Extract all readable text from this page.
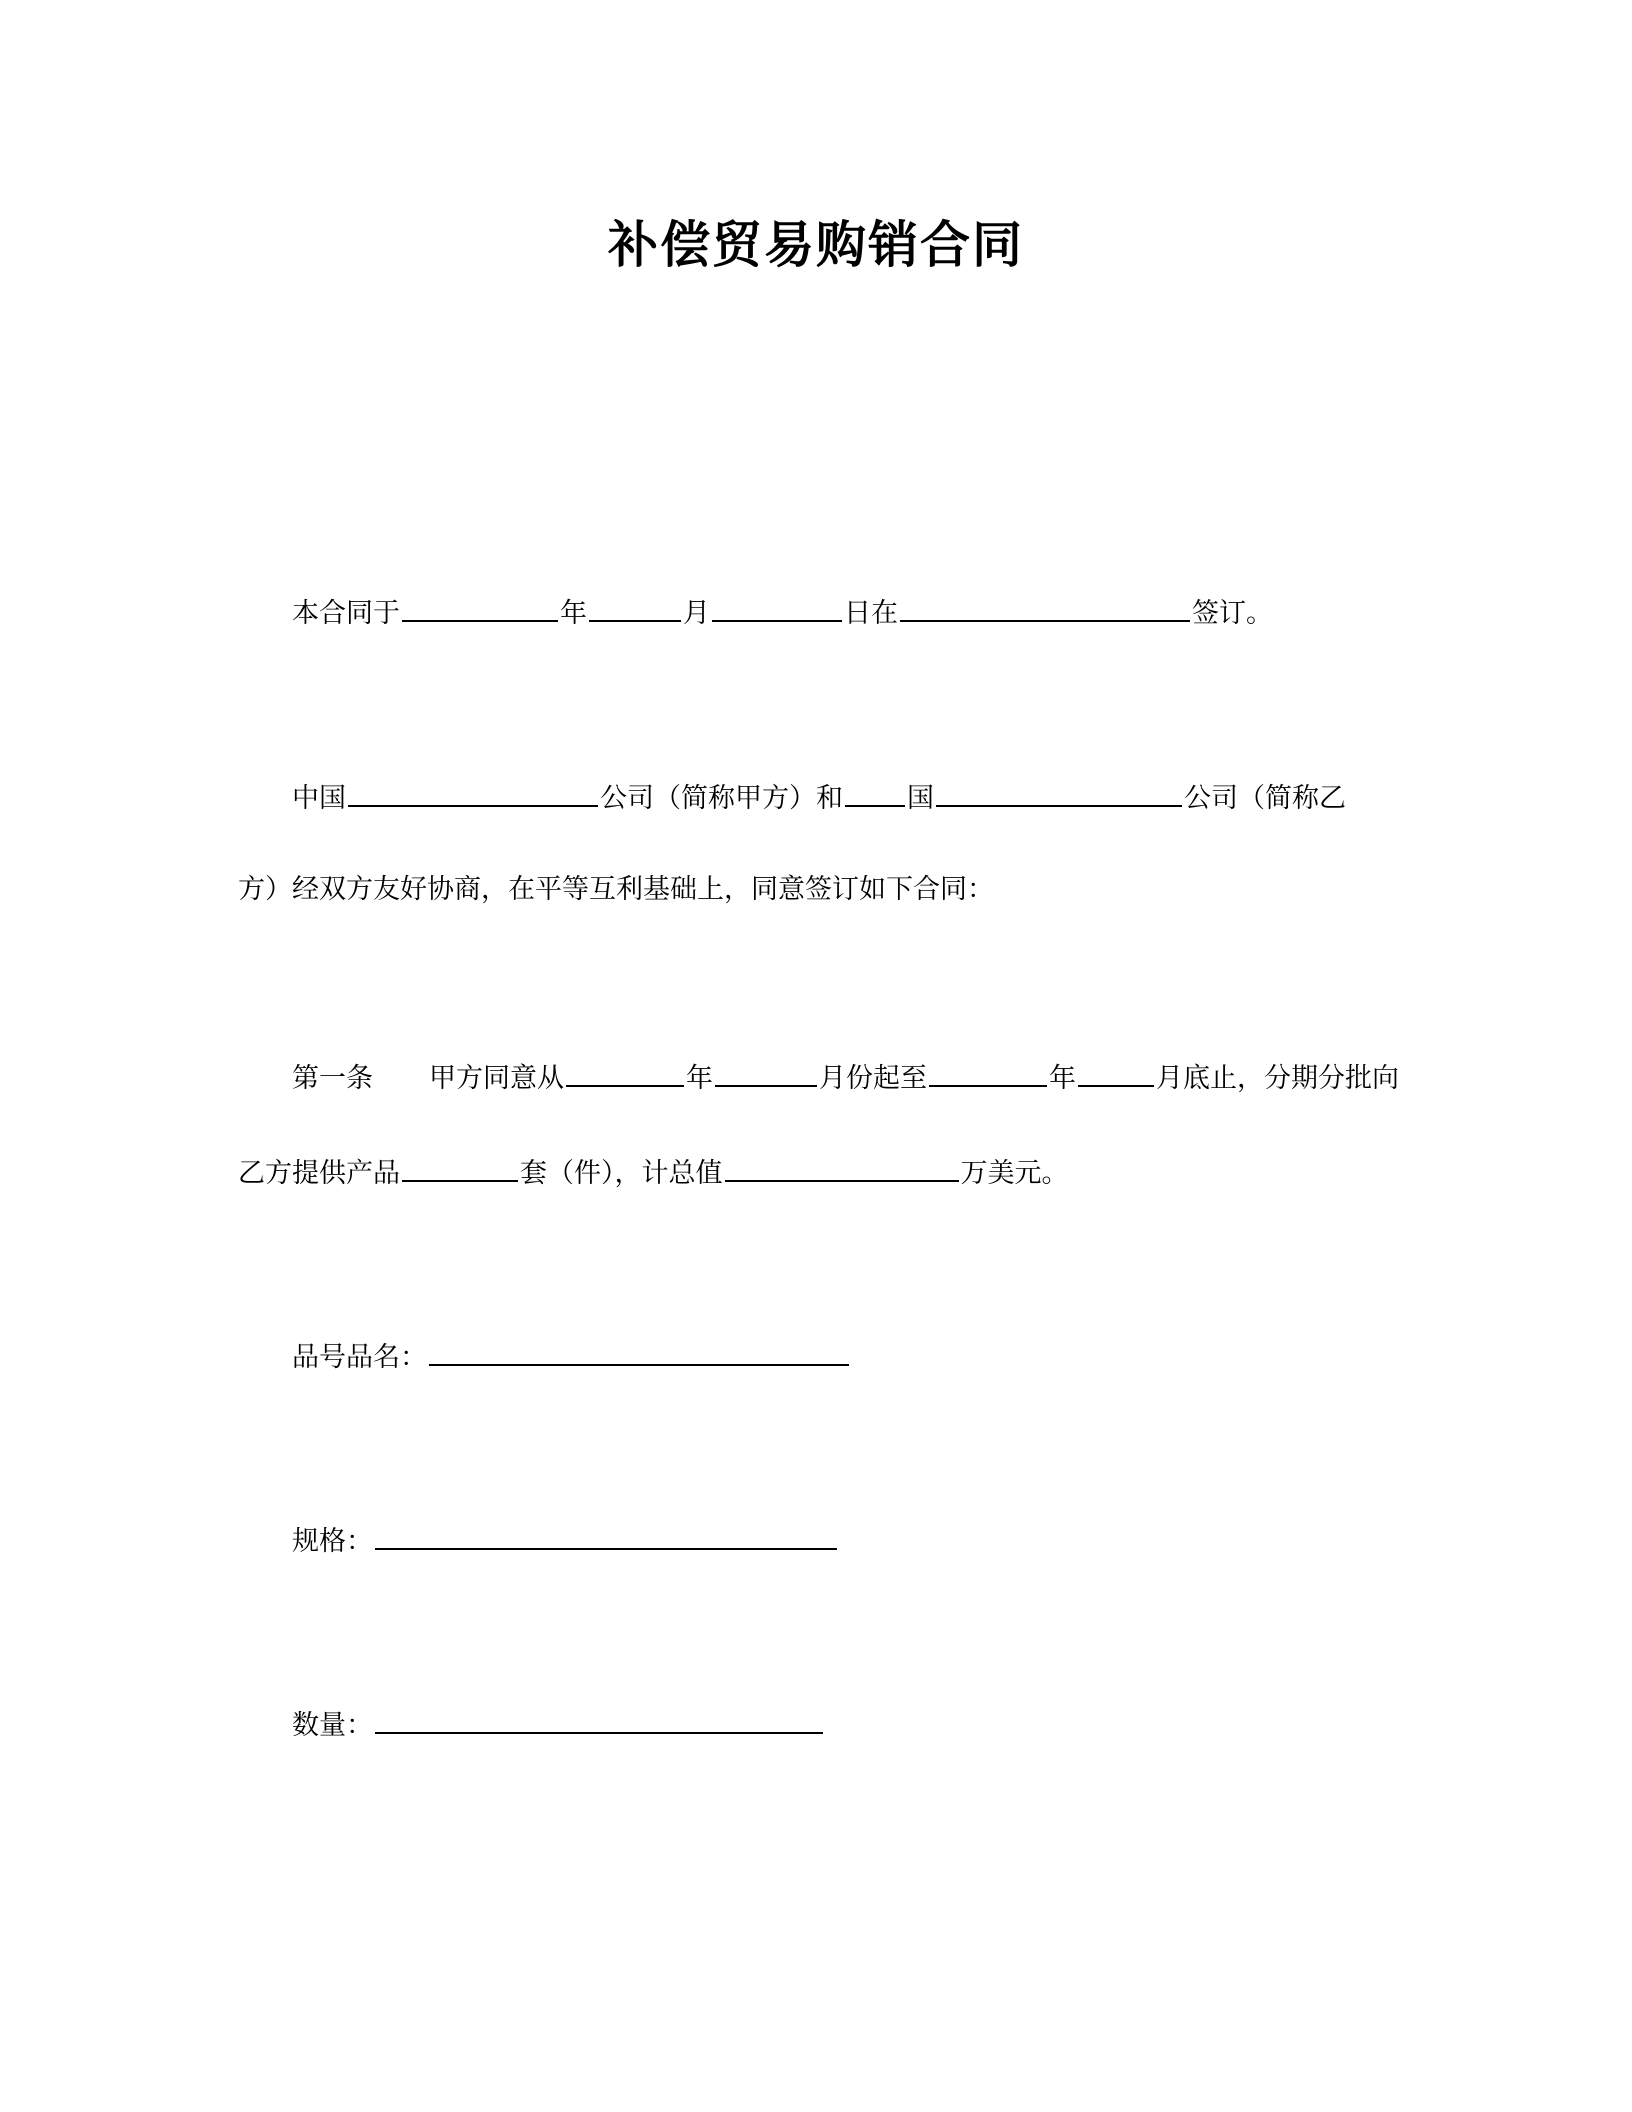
补偿贸易购销合同
本合同于	年	月	日在	签订。
中国	公司（简称甲方）和 国	公司（简称乙
方）经双方友好协商，在平等互利基础上，同意签订如下合同：
第一条 甲方同意从	年	月份起至	年	月底止，分期分批向
乙方提供产品	套（件），计总值	万美元。
品号品名：
规格：
数量：
